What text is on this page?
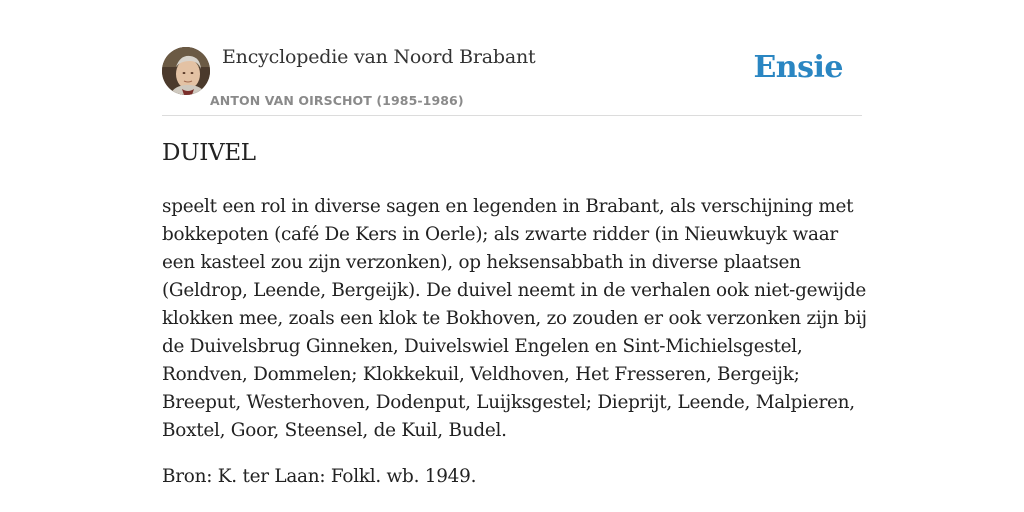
Encyclopedie van Noord Brabant
ANTON VAN OIRSCHOT (1985-1986)
Ensie
DUIVEL

speelt een rol in diverse sagen en legenden in Brabant, als verschijning met bokkepoten (café De Kers in Oerle); als zwarte ridder (in Nieuwkuyk waar een kasteel zou zijn verzonken), op heksensabbath in diverse plaatsen (Geldrop, Leende, Bergeijk). De duivel neemt in de verhalen ook niet-gewijde klokken mee, zoals een klok te Bokhoven, zo zouden er ook verzonken zijn bij de Duivelsbrug Ginneken, Duivelswiel Engelen en Sint-Michielsgestel, Rondven, Dommelen; Klokkekuil, Veldhoven, Het Fresseren, Bergeijk; Breeput, Westerhoven, Dodenput, Luijksgestel; Dieprijt, Leende, Malpieren, Boxtel, Goor, Steensel, de Kuil, Budel.

Bron: K. ter Laan: Folkl. wb. 1949.
